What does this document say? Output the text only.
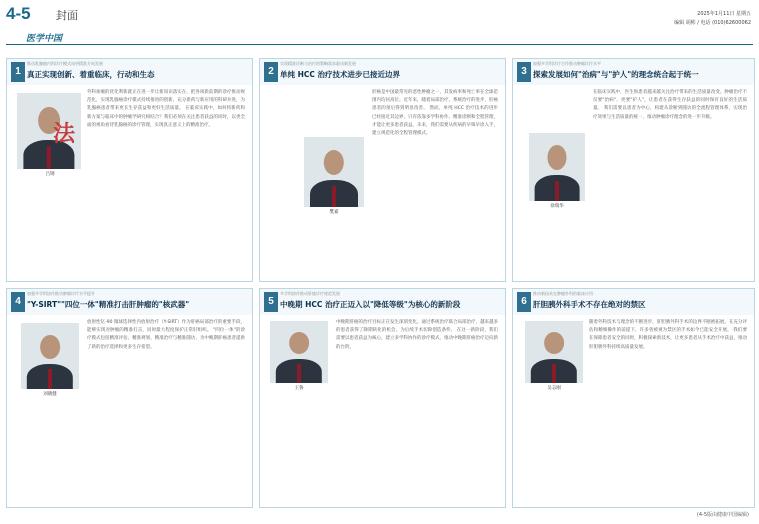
4-5 封面
医学中国
2025年1月11日 星期五
编辑 胡彬 / 电话 (010)62600062
1
推动乳腺癌内科诊疗模式向更精准方向发展
真正实现创新、着重临床，行动和生态
法
吕钢
外科加瘤的优化利新就正在进一步让新知识落实在，把各项新前期的诊疗推动规范化，实现乳腺癌诊疗模式持续推进的创新、充分新药与新应用的科研并进，为乳腺癌患者带来更长生存获益和更好生活质量。 在临床实践中，如何将新药和新方案与临床中的肿瘤学研究相结合？我们必须在关注患者获益的同时，以更全面的视角看待乳腺癌的诊疗管理，实现真正意义上的精准治疗。
2
实现精准诊断与治疗的策略需求驱动新发展
单纯 HCC 治疗技术进步已接近边界
樊嘉
肝癌是中国最常见的恶性肿瘤之一，其发病率和死亡率在全球范围内均居高位。近年来，随着局部治疗、系统治疗的进步，肝癌患者的预后得到明显改善。 然而，单纯 HCC 治疗技术的进步已经接近其边界，只有依靠多学科协作、精准诊断和全程管理，才能让更多患者获益。未来，我们需要从疾病的早筛早诊入手，建立规范化的全程管理模式。
3
加强多学科诊疗合作推动肿瘤诊疗水平
探索发展如何"治病"与"护人"的理念统合起于统一
徐瑞华
在临床实践中，医生和患者越来越关注治疗带来的生活质量改变。肿瘤治疗不仅要"治病"，更要"护人"，让患者在获得生存获益的同时保有良好的生活质量。 我们需要以患者为中心，构建从诊断到随访的全流程管理体系，实现治疗效果与生活质量的统一，推动肿瘤诊疗理念的进一步升级。
4
加强多学科协作推动肿瘤诊疗水平提升
"Y-SIRT""四位一体"精准打击肝肿瘤的"核武器"
刘晓健
放射性钇-90 微球选择性内放射治疗（Y-SIRT）作为肝癌局部治疗的重要手段，能够实现对肿瘤的精准打击，同时最大程度保护正常肝组织。 "四位一体"的诊疗模式包括精准评估、精准规划、精准治疗与精准随访，为中晚期肝癌患者提供了新的治疗选择和更多生存希望。
5
多学科协作推动肝癌诊疗规范发展
中晚期 HCC 治疗正迈入以"降低等级"为核心的新阶段
王鲁
中晚期肝癌的治疗目标正在发生深刻变化。通过系统治疗联合局部治疗，越来越多的患者获得了降期转化的机会，为后续手术切除创造条件。 在这一新阶段，我们需要以患者获益为核心，建立多学科协作的诊疗模式，推动中晚期肝癌治疗迈向新的台阶。
6
推动新技术在肿瘤外科的临床应用
肝胆胰外科手术不存在绝对的禁区
吴志刚
随着外科技术与理念的不断进步，肝胆胰外科手术的边界不断被拓展。在充分评估和精细操作的前提下，许多曾被视为禁区的手术如今已能安全开展。 我们要在保障患者安全的同时，积极探索新技术，让更多患者从手术治疗中获益，推动肝胆胰外科持续高质量发展。
(4-5版由健康中国编辑)
